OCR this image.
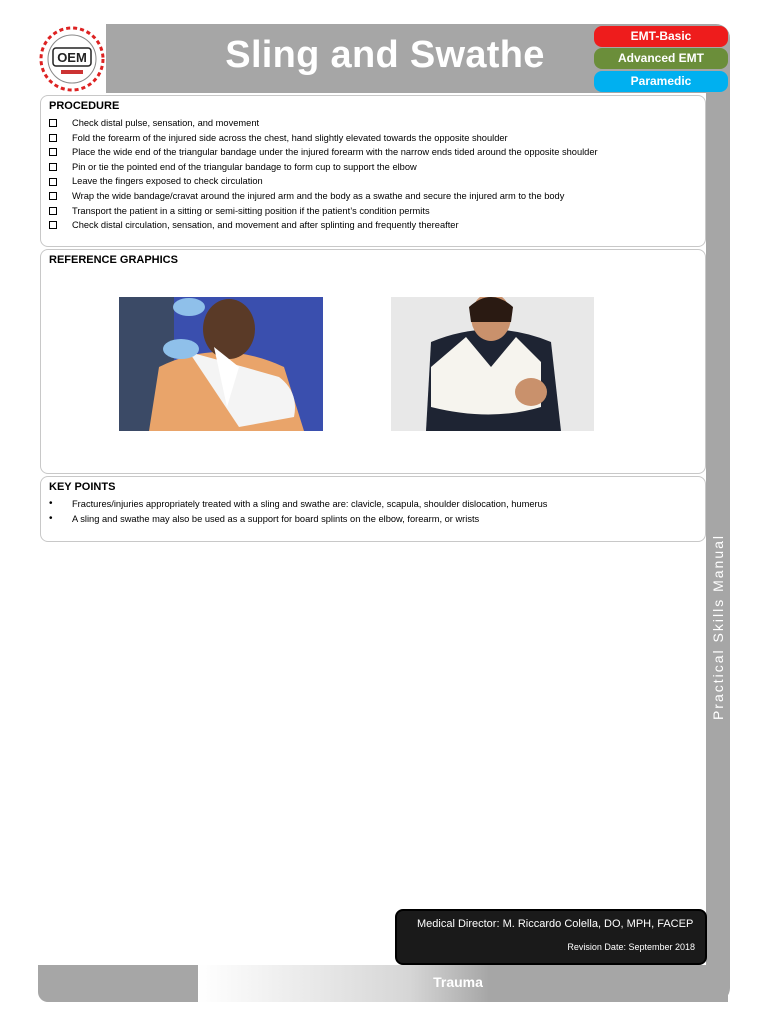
OEM	Sling and Swathe	EMT-Basic
Advanced EMT
Paramedic
PROCEDURE
Check distal pulse, sensation, and movement
Fold the forearm of the injured side across the chest, hand slightly elevated towards the opposite shoulder
Place the wide end of the triangular bandage under the injured forearm with the narrow ends tided around the opposite shoulder
Pin or tie the pointed end of the triangular bandage to form cup to support the elbow
Leave the fingers exposed to check circulation
Wrap the wide bandage/cravat around the injured arm and the body as a swathe and secure the injured arm to the body
Transport the patient in a sitting or semi-sitting position if the patient’s condition permits
Check distal circulation, sensation, and movement and after splinting and frequently thereafter
REFERENCE GRAPHICS
KEY POINTS
•	Fractures/injuries appropriately treated with a sling and swathe are: clavicle, scapula, shoulder dislocation, humerus
•	A sling and swathe may also be used as a support for board splints on the elbow, forearm, or wrists
Practical Skills Manual
Medical Director: M. Riccardo Colella, DO, MPH, FACEP
Revision Date: September 2018
Trauma
